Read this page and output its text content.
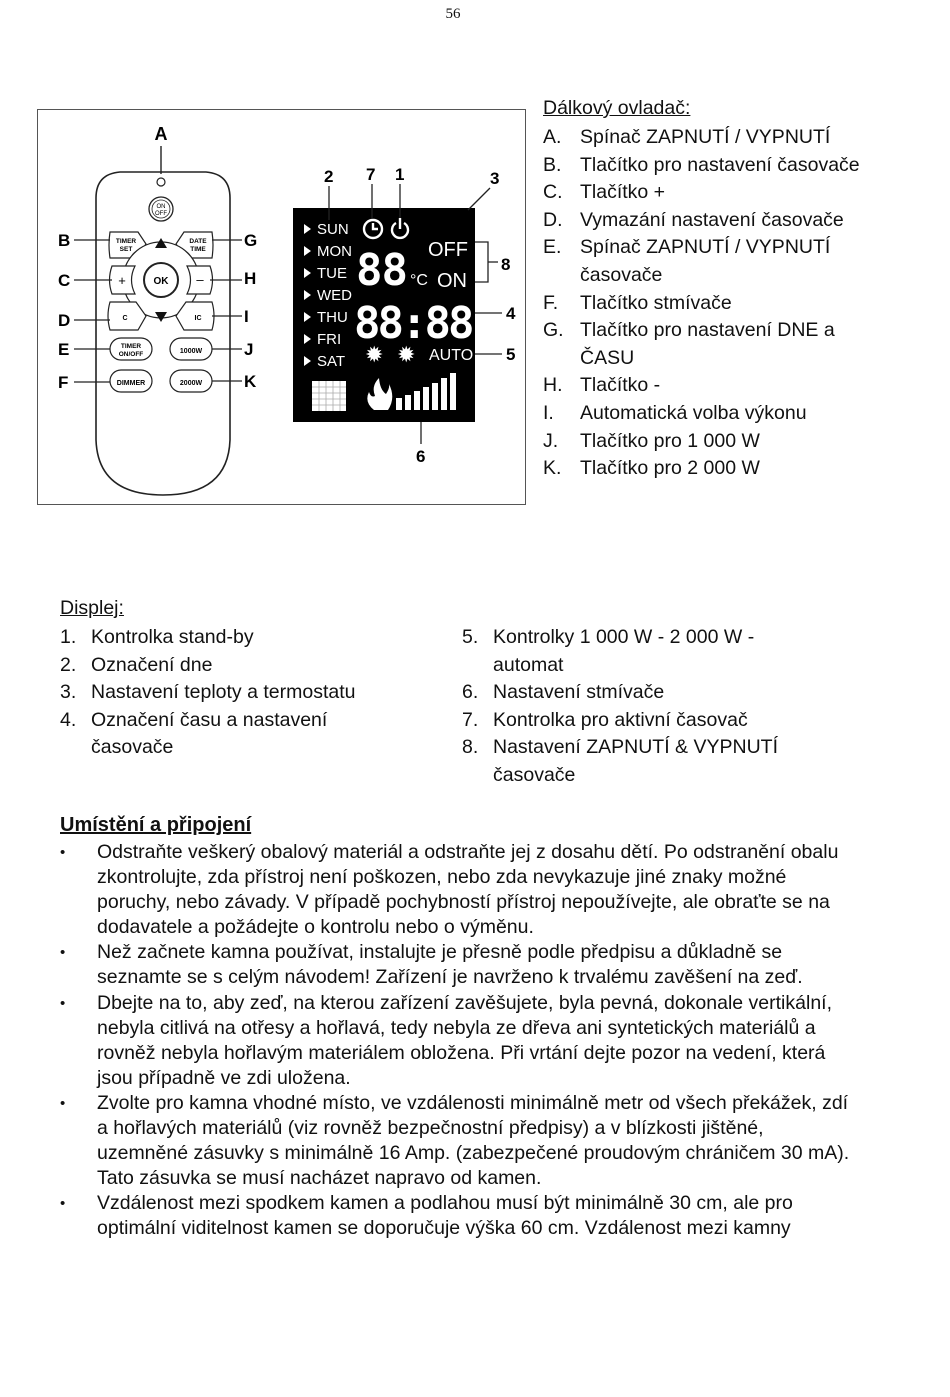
56
A
ON
OFF
TIMER
SET
DATE
TIME
OK
+	–
C	IC
TIMER
ON/OFF	1000W
DIMMER	2000W
B
C
D
E
F
G
H
I
J
K
2 7 1	3
8
4
5
6
SUN
MON
TUE
WED
THU
FRI
SAT
88 °C
OFF
ON
88:88
✹ ✹ AUTO
Dálkový ovladač:
A. Spínač ZAPNUTÍ / VYPNUTÍ
B. Tlačítko pro nastavení časovače
C. Tlačítko +
D. Vymazání nastavení časovače
E. Spínač ZAPNUTÍ / VYPNUTÍ časovače
F.	Tlačítko stmívače
G. Tlačítko pro nastavení DNE a ČASU
H. Tlačítko -
I.	Automatická volba výkonu
J.	Tlačítko pro 1 000 W
K. Tlačítko pro 2 000 W
Displej:
1. Kontrolka stand-by
2. Označení dne
3. Nastavení teploty a termostatu
4. Označení času a nastavení časovače
5. Kontrolky 1 000 W - 2 000 W - automat
6. Nastavení stmívače
7. Kontrolka pro aktivní časovač
8. Nastavení ZAPNUTÍ & VYPNUTÍ časovače
Umístění a připojení
•	Odstraňte veškerý obalový materiál a odstraňte jej z dosahu dětí. Po odstranění obalu zkontrolujte, zda přístroj není poškozen, nebo zda nevykazuje jiné znaky možné poruchy, nebo závady. V případě pochybností přístroj nepoužívejte, ale obraťte se na dodavatele a požádejte o kontrolu nebo o výměnu.
•	Než začnete kamna používat, instalujte je přesně podle předpisu a důkladně se seznamte se s celým návodem! Zařízení je navrženo k trvalému zavěšení na zeď.
•	Dbejte na to, aby zeď, na kterou zařízení zavěšujete, byla pevná, dokonale vertikální, nebyla citlivá na otřesy a hořlavá, tedy nebyla ze dřeva ani syntetických materiálů a rovněž nebyla hořlavým materiálem obložena. Při vrtání dejte pozor na vedení, která jsou případně ve zdi uložena.
•	Zvolte pro kamna vhodné místo, ve vzdálenosti minimálně metr od všech překážek, zdí a hořlavých materiálů (viz rovněž bezpečnostní předpisy) a v blízkosti jištěné, uzemněné zásuvky s minimálně 16 Amp. (zabezpečené proudovým chráničem 30 mA). Tato zásuvka se musí nacházet napravo od kamen.
•	Vzdálenost mezi spodkem kamen a podlahou musí být minimálně 30 cm, ale pro optimální viditelnost kamen se doporučuje výška 60 cm. Vzdálenost mezi kamny
